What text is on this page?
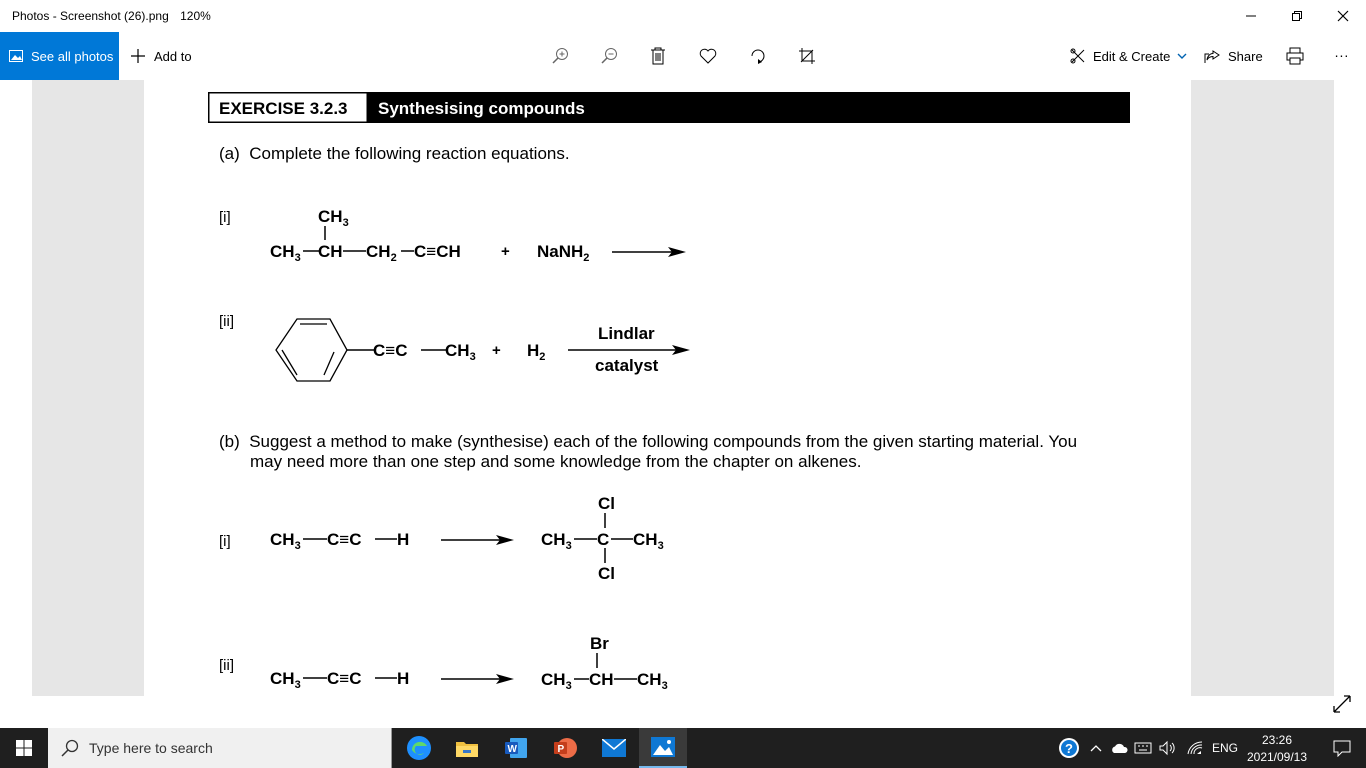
Photos - Screenshot (26).png 120%
See all photos	Add to	Edit & Create	Share	...
EXERCISE 3.2.3 Synthesising compounds
(a)  Complete the following reaction equations.
[i]	$CH_3$
$CH_3$ CH $CH_2$ C≡CH	+ NaNH$_2$
[ii]
C≡C $CH_3 + H_2$
Lindlar
catalyst
(b)  Suggest a method to make (synthesise) each of the following compounds from the given starting material. You
may need more than one step and some knowledge from the chapter on alkenes.
[i] $CH_3$ C≡C H
Cl
$CH_3$ C $CH_3$
Cl
[ii]
$CH_3$ C≡C H
Br
$CH_3$ CH $CH_3$
Type here to search	W	P	?	ENG
23:26
2021/09/13
